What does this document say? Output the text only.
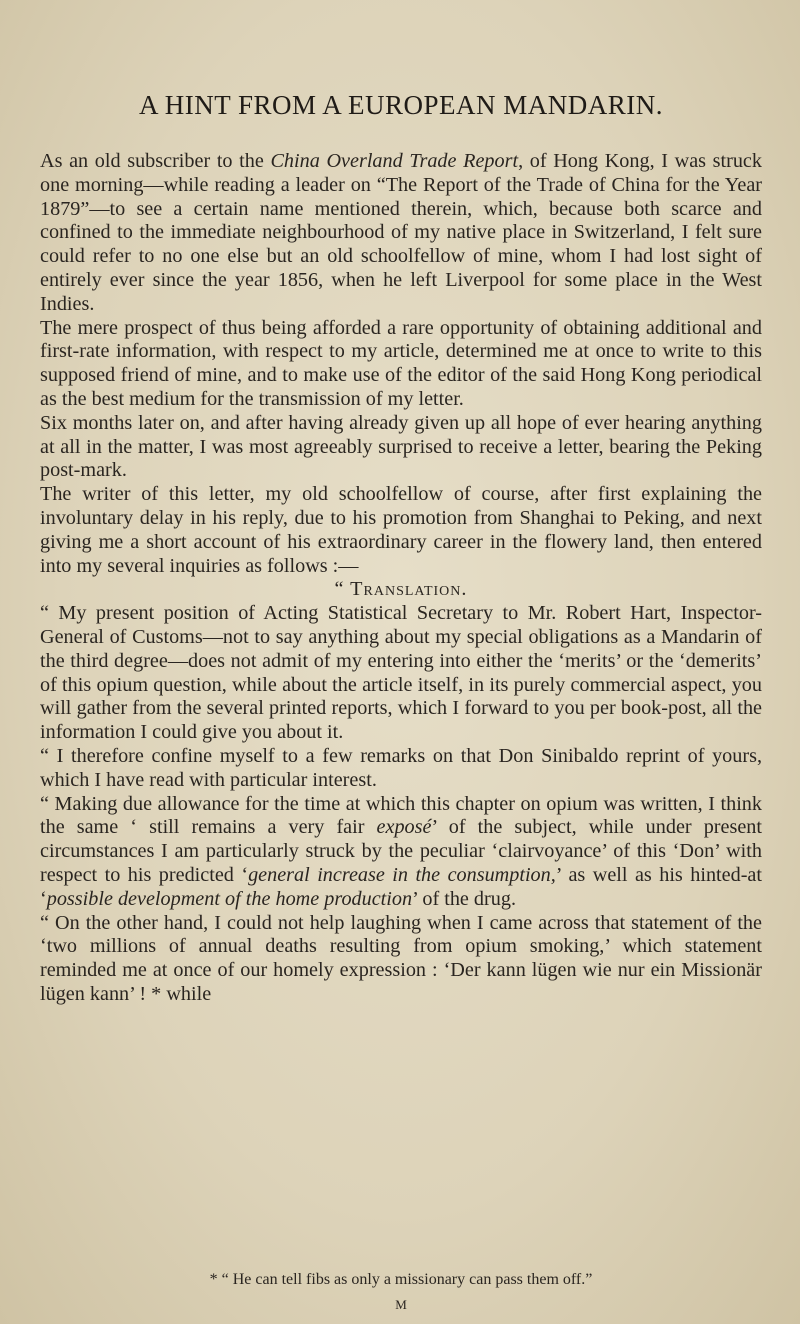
A HINT FROM A EUROPEAN MANDARIN.

As an old subscriber to the China Overland Trade Report, of Hong Kong, I was struck one morning—while reading a leader on “The Report of the Trade of China for the Year 1879”—to see a certain name mentioned therein, which, because both scarce and confined to the immediate neighbourhood of my native place in Switzerland, I felt sure could refer to no one else but an old schoolfellow of mine, whom I had lost sight of entirely ever since the year 1856, when he left Liverpool for some place in the West Indies.

The mere prospect of thus being afforded a rare opportunity of obtaining additional and first-rate information, with respect to my article, determined me at once to write to this supposed friend of mine, and to make use of the editor of the said Hong Kong periodical as the best medium for the transmission of my letter.

Six months later on, and after having already given up all hope of ever hearing anything at all in the matter, I was most agreeably surprised to receive a letter, bearing the Peking post-mark.

The writer of this letter, my old schoolfellow of course, after first explaining the involuntary delay in his reply, due to his promotion from Shanghai to Peking, and next giving me a short account of his extraordinary career in the flowery land, then entered into my several inquiries as follows :—

“ Translation.

“ My present position of Acting Statistical Secretary to Mr. Robert Hart, Inspector-General of Customs—not to say anything about my special obligations as a Mandarin of the third degree—does not admit of my entering into either the ‘merits’ or the ‘demerits’ of this opium question, while about the article itself, in its purely commercial aspect, you will gather from the several printed reports, which I forward to you per book-post, all the information I could give you about it.

“ I therefore confine myself to a few remarks on that Don Sinibaldo reprint of yours, which I have read with particular interest.

“ Making due allowance for the time at which this chapter on opium was written, I think the same ‘ still remains a very fair exposé’ of the subject, while under present circumstances I am particularly struck by the peculiar ‘clairvoyance’ of this ‘Don’ with respect to his predicted ‘general increase in the consumption,’ as well as his hinted-at ‘possible development of the home production’ of the drug.

“ On the other hand, I could not help laughing when I came across that statement of the ‘two millions of annual deaths resulting from opium smoking,’ which statement reminded me at once of our homely expression : ‘Der kann lügen wie nur ein Missionär lügen kann’ ! * while

* “ He can tell fibs as only a missionary can pass them off.”
M
